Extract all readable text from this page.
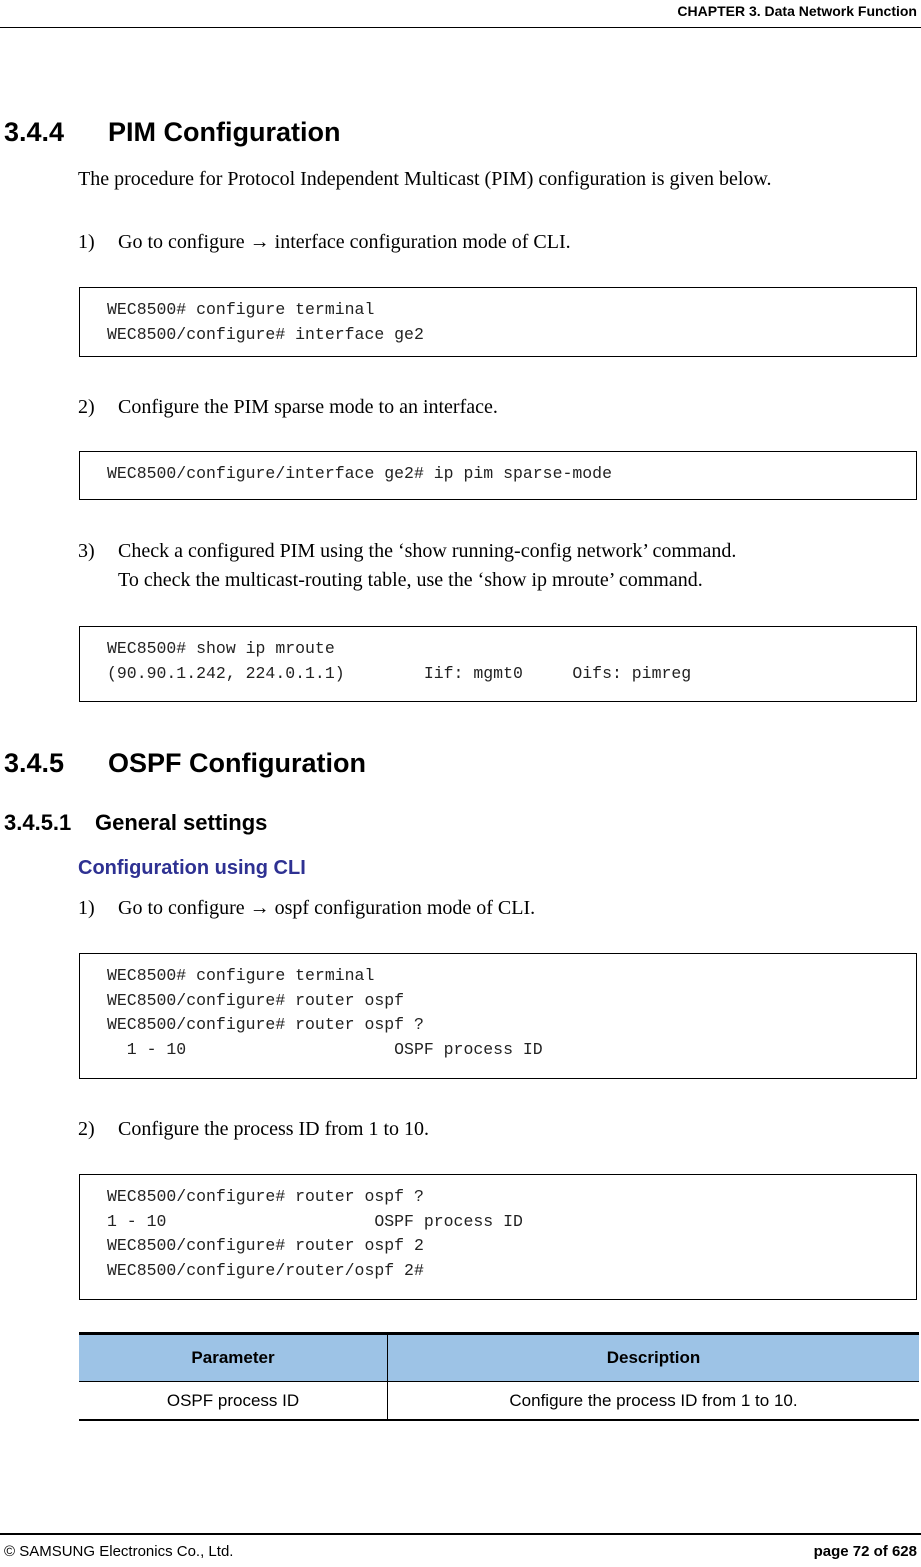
CHAPTER 3. Data Network Function
3.4.4 PIM Configuration

The procedure for Protocol Independent Multicast (PIM) configuration is given below.

1) Go to configure → interface configuration mode of CLI.
WEC8500# configure terminal
WEC8500/configure# interface ge2
2) Configure the PIM sparse mode to an interface.
WEC8500/configure/interface ge2# ip pim sparse-mode
3) Check a configured PIM using the ‘show running-config network’ command.
To check the multicast-routing table, use the ‘show ip mroute’ command.
WEC8500# show ip mroute
(90.90.1.242, 224.0.1.1)        Iif: mgmt0     Oifs: pimreg
3.4.5 OSPF Configuration
3.4.5.1 General settings
Configuration using CLI
1) Go to configure → ospf configuration mode of CLI.
WEC8500# configure terminal
WEC8500/configure# router ospf
WEC8500/configure# router ospf ?
1 - 10                     OSPF process ID
2) Configure the process ID from 1 to 10.
WEC8500/configure# router ospf ?
1 - 10                     OSPF process ID
WEC8500/configure# router ospf 2
WEC8500/configure/router/ospf 2#
Parameter	Description
OSPF process ID	Configure the process ID from 1 to 10.
© SAMSUNG Electronics Co., Ltd.	page 72 of 628
